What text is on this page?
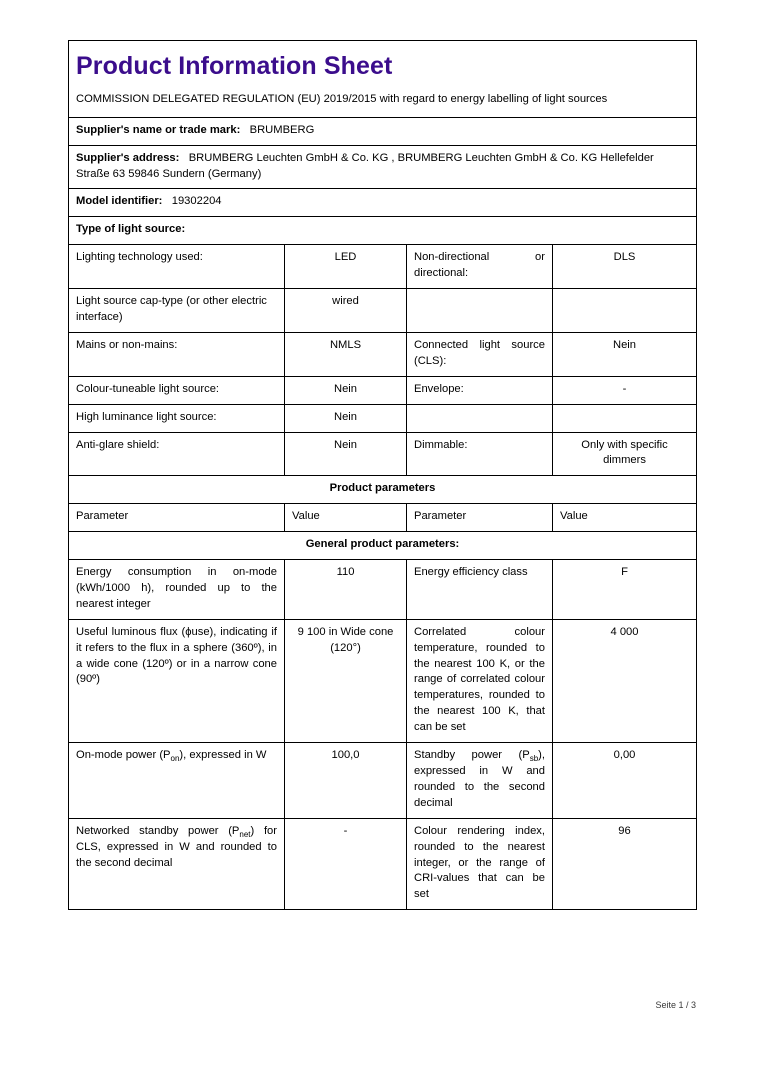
Product Information Sheet
COMMISSION DELEGATED REGULATION (EU) 2019/2015 with regard to energy labelling of light sources			

Supplier's name or trade mark: BRUMBERG			
Supplier's address: BRUMBERG Leuchten GmbH & Co. KG , BRUMBERG Leuchten GmbH & Co. KG Hellefelder Straße 63 59846 Sundern (Germany)			
Model identifier: 19302204			
Type of light source:			
Lighting technology used:	LED	Non-directional or directional:	DLS
Light source cap-type (or other electric interface)	wired		
Mains or non-mains:	NMLS	Connected light source (CLS):	Nein
Colour-tuneable light source:	Nein	Envelope:	-
High luminance light source:	Nein		
Anti-glare shield:	Nein	Dimmable:	Only with specific dimmers
Product parameters			
Parameter	Value	Parameter	Value
General product parameters:			
Energy consumption in on-mode (kWh/1000 h), rounded up to the nearest integer	110	Energy efficiency class	F
Useful luminous flux (ϕuse), indicating if it refers to the flux in a sphere (360º), in a wide cone (120º) or in a narrow cone (90º)	9 100 in Wide cone (120°)	Correlated colour temperature, rounded to the nearest 100 K, or the range of correlated colour temperatures, rounded to the nearest 100 K, that can be set	4 000
On-mode power $(P_{on})$, expressed in W	100,0	Standby power $(P_{sb})$, expressed in W and rounded to the second decimal	0,00
Networked standby power $(P_{net})$ for CLS, expressed in W and rounded to the second decimal	-	Colour rendering index, rounded to the nearest integer, or the range of CRI-values that can be set	96
Seite 1 / 3
